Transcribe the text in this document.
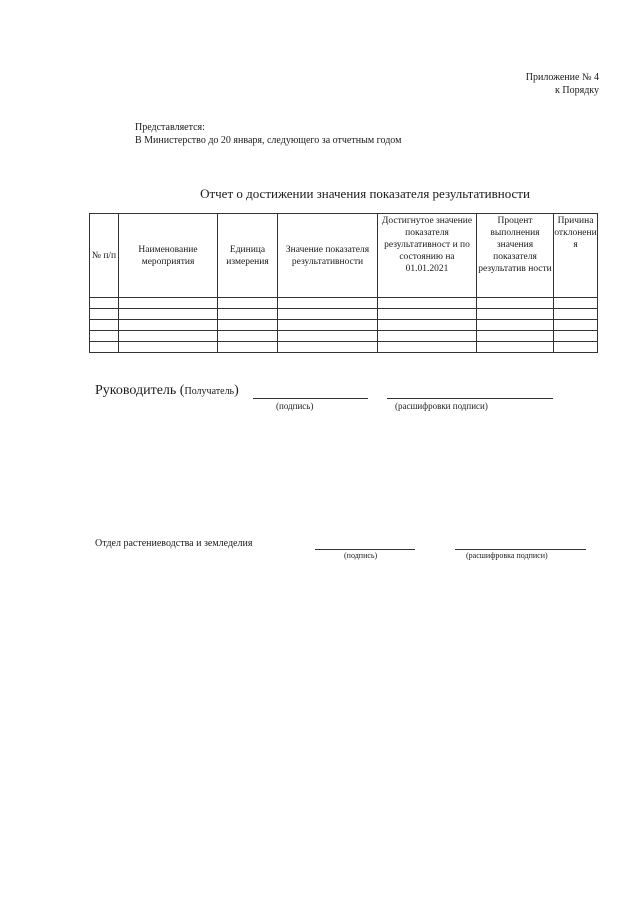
Приложение № 4
к Порядку
Представляется:
В Министерство до 20 января, следующего за отчетным годом
Отчет о достижении значения показателя результативности
№ п/п	Наименование мероприятия	Единица измерения	Значение показателя результативности	Достигнутое значение показателя результативност и по состоянию на 01.01.2021	Процент выполнения значения показателя результатив ности	Причина отклонени я

Руководитель (Получатель)
(подпись)	(расшифровки подписи)
Отдел растениеводства и земледелия
(подпись)	(расшифровка подписи)
